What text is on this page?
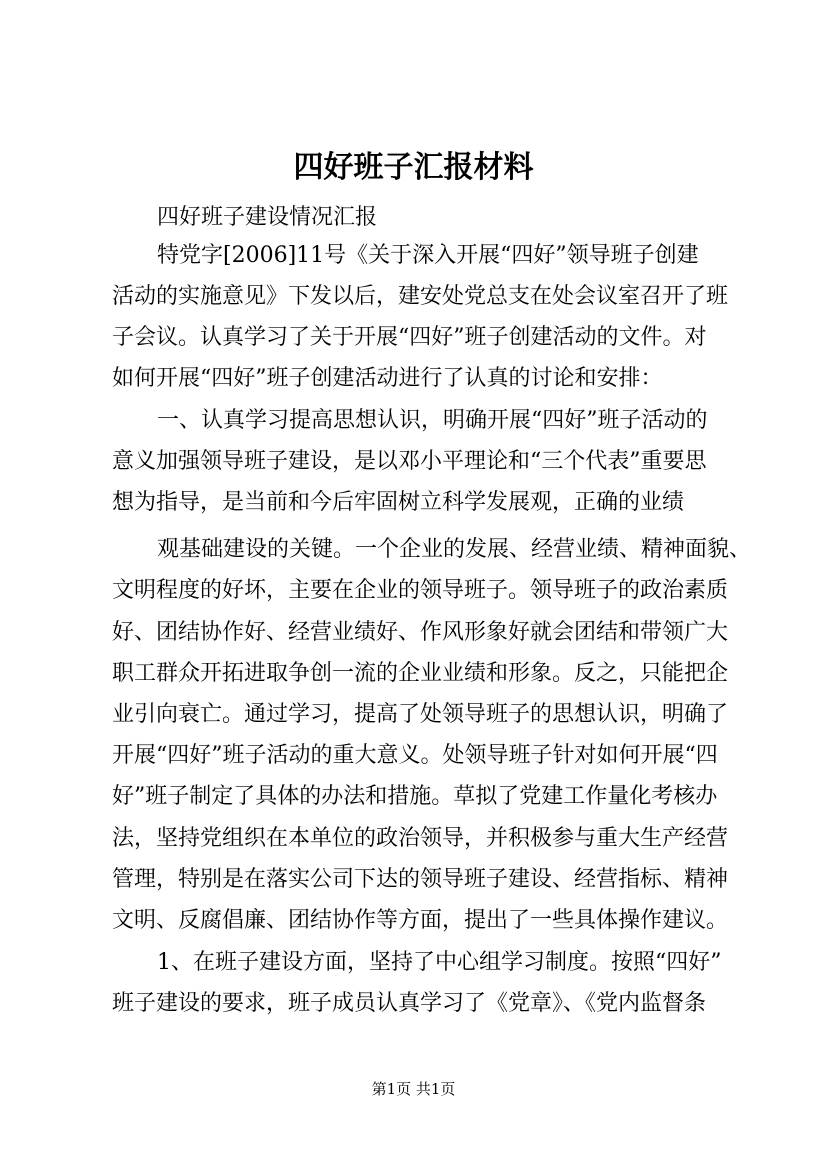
四好班子汇报材料
四好班子建设情况汇报
特党字[2006]11号《关于深入开展“四好”领导班子创建
活动的实施意见》下发以后，建安处党总支在处会议室召开了班
子会议。认真学习了关于开展“四好”班子创建活动的文件。对
如何开展“四好”班子创建活动进行了认真的讨论和安排：
一、认真学习提高思想认识，明确开展“四好”班子活动的
意义加强领导班子建设，是以邓小平理论和“三个代表”重要思
想为指导，是当前和今后牢固树立科学发展观，正确的业绩
观基础建设的关键。一个企业的发展、经营业绩、精神面貌、
文明程度的好坏，主要在企业的领导班子。领导班子的政治素质
好、团结协作好、经营业绩好、作风形象好就会团结和带领广大
职工群众开拓进取争创一流的企业业绩和形象。反之，只能把企
业引向衰亡。通过学习，提高了处领导班子的思想认识，明确了
开展“四好”班子活动的重大意义。处领导班子针对如何开展“四
好”班子制定了具体的办法和措施。草拟了党建工作量化考核办
法，坚持党组织在本单位的政治领导，并积极参与重大生产经营
管理，特别是在落实公司下达的领导班子建设、经营指标、精神
文明、反腐倡廉、团结协作等方面，提出了一些具体操作建议。
1、在班子建设方面，坚持了中心组学习制度。按照“四好”
班子建设的要求，班子成员认真学习了《党章》、《党内监督条
第1页 共1页
